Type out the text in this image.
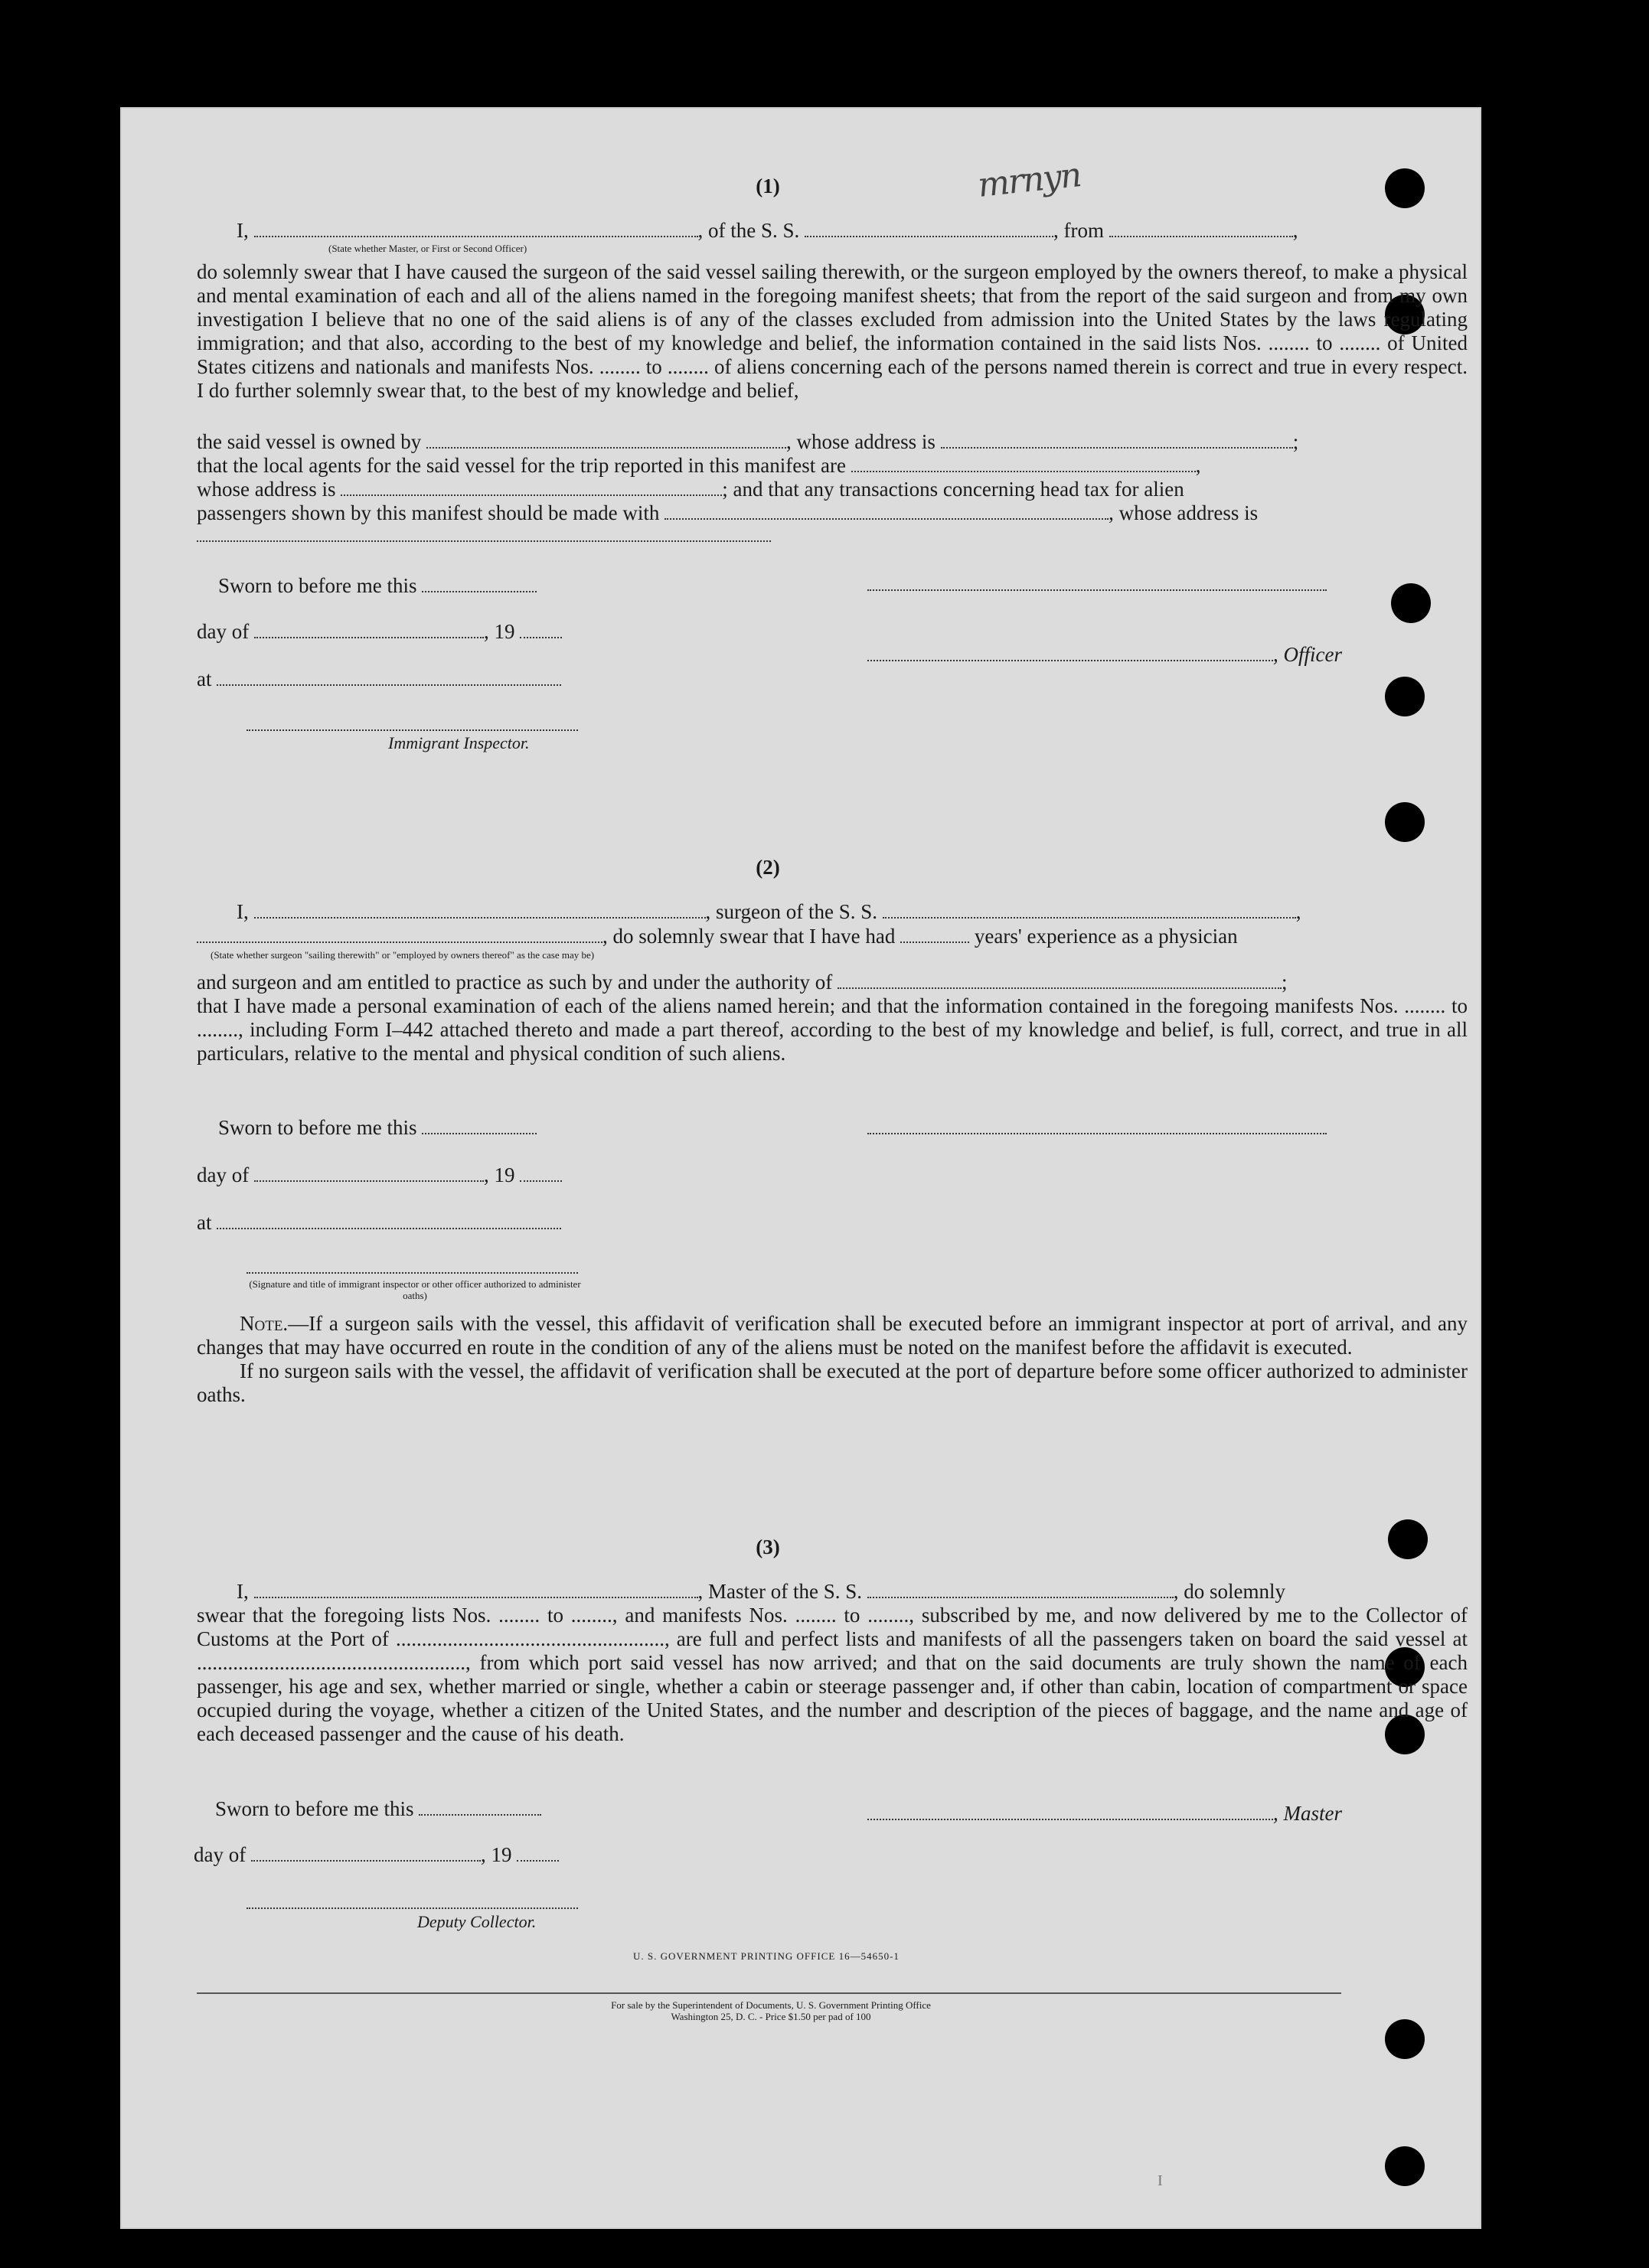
(1)	mrnyn
I,	, of the S. S.	, from	,
(State whether Master, or First or Second Officer)
do solemnly swear that I have caused the surgeon of the said vessel sailing therewith, or the surgeon employed by the owners thereof, to make a physical and mental examination of each and all of the aliens named in the foregoing manifest sheets; that from the report of the said surgeon and from my own investigation I believe that no one of the said aliens is of any of the classes excluded from admission into the United States by the laws regulating immigration; and that also, according to the best of my knowledge and belief, the information contained in the said lists Nos. ........ to ........ of United States citizens and nationals and manifests Nos. ........ to ........ of aliens concerning each of the persons named therein is correct and true in every respect. I do further solemnly swear that, to the best of my knowledge and belief,
the said vessel is owned by	, whose address is	;
that the local agents for the said vessel for the trip reported in this manifest are	,
whose address is	; and that any transactions concerning head tax for alien
passengers shown by this manifest should be made with	, whose address is
Sworn to before me this
day of	, 19
, Officer
at
Immigrant Inspector.
(2)
I,	, surgeon of the S. S.	,
, do solemnly swear that I have had	years' experience as a physician
(State whether surgeon "sailing therewith" or "employed by owners thereof" as the case may be)
and surgeon and am entitled to practice as such by and under the authority of	;
that I have made a personal examination of each of the aliens named herein; and that the information contained in the foregoing manifests Nos. ........ to ........, including Form I–442 attached thereto and made a part thereof, according to the best of my knowledge and belief, is full, correct, and true in all particulars, relative to the mental and physical condition of such aliens.
Sworn to before me this
day of	, 19
at
(Signature and title of immigrant inspector or other officer authorized to administer oaths)

Note.—If a surgeon sails with the vessel, this affidavit of verification shall be executed before an immigrant inspector at port of arrival, and any changes that may have occurred en route in the condition of any of the aliens must be noted on the manifest before the affidavit is executed.

If no surgeon sails with the vessel, the affidavit of verification shall be executed at the port of departure before some officer authorized to administer oaths.

(3)
I,	, Master of the S. S.	, do solemnly
swear that the foregoing lists Nos. ........ to ........, and manifests Nos. ........ to ........, subscribed by me, and now delivered by me to the Collector of Customs at the Port of ...................................................., are full and perfect lists and manifests of all the passengers taken on board the said vessel at ...................................................., from which port said vessel has now arrived; and that on the said documents are truly shown the name of each passenger, his age and sex, whether married or single, whether a cabin or steerage passenger and, if other than cabin, location of compartment or space occupied during the voyage, whether a citizen of the United States, and the number and description of the pieces of baggage, and the name and age of each deceased passenger and the cause of his death.
Sworn to before me this	, Master
day of	, 19
Deputy Collector.
U. S. GOVERNMENT PRINTING OFFICE 16—54650-1
For sale by the Superintendent of Documents, U. S. Government Printing Office
Washington 25, D. C. - Price $1.50 per pad of 100
I
